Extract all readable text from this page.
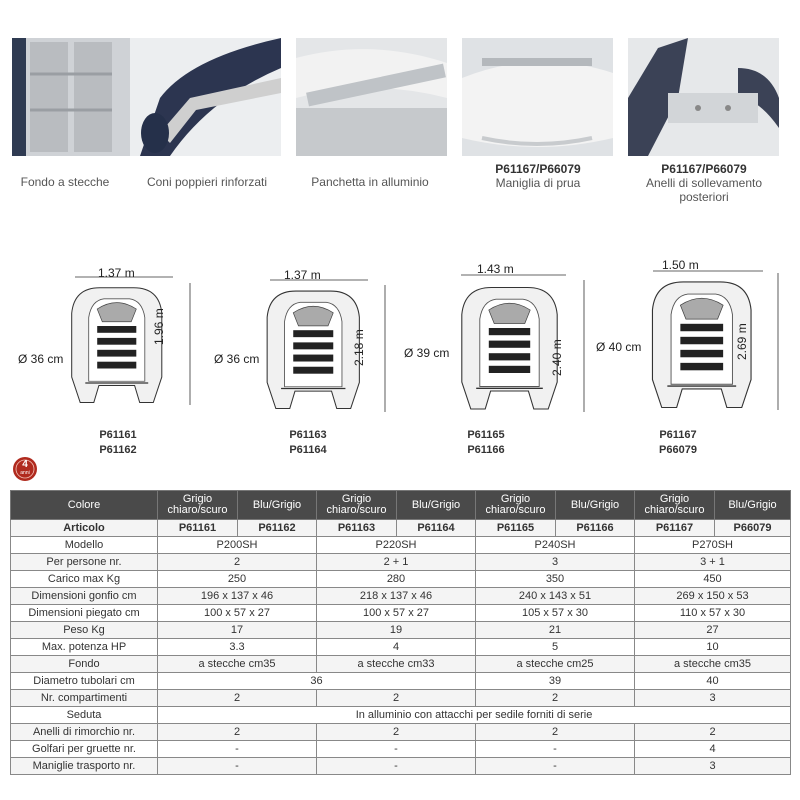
Fondo a stecche	Coni poppieri rinforzati	Panchetta in alluminio
P61167/P66079
Maniglia di prua
P61167/P66079
Anelli di sollevamento posteriori
1.37 m
1.96 m
Ø 36 cm
P61161
P61162
1.37 m
2.18 m
Ø 36 cm
P61163
P61164
1.43 m
2.40 m
Ø 39 cm
P61165
P61166
1.50 m
2.69 m
Ø 40 cm
P61167
P66079
4
anni
Colore	Grigio chiaro/scuro	Blu/Grigio	Grigio chiaro/scuro	Blu/Grigio	Grigio chiaro/scuro	Blu/Grigio	Grigio chiaro/scuro	Blu/Grigio
Articolo	P61161	P61162	P61163	P61164	P61165	P61166	P61167	P66079
Modello	P200SH		P220SH		P240SH		P270SH	
Per persone nr.	2		2 + 1		3		3 + 1	
Carico max Kg	250		280		350		450	
Dimensioni gonfio cm	196 x 137 x 46		218 x 137 x 46		240 x 143 x 51		269 x 150 x 53	
Dimensioni piegato cm	100 x 57 x 27		100 x 57 x 27		105 x 57 x 30		110 x 57 x 30	
Peso Kg	17		19		21		27	
Max. potenza HP	3.3		4		5		10	
Fondo	a stecche cm35		a stecche cm33		a stecche cm25		a stecche cm35	
Diametro tubolari cm	36				39		40	
Nr. compartimenti	2		2		2		3	
Seduta	In alluminio con attacchi per sedile forniti di serie							
Anelli di rimorchio nr.	2		2		2		2	
Golfari per gruette nr.	-		-		-		4	
Maniglie trasporto nr.	-		-		-		3	
